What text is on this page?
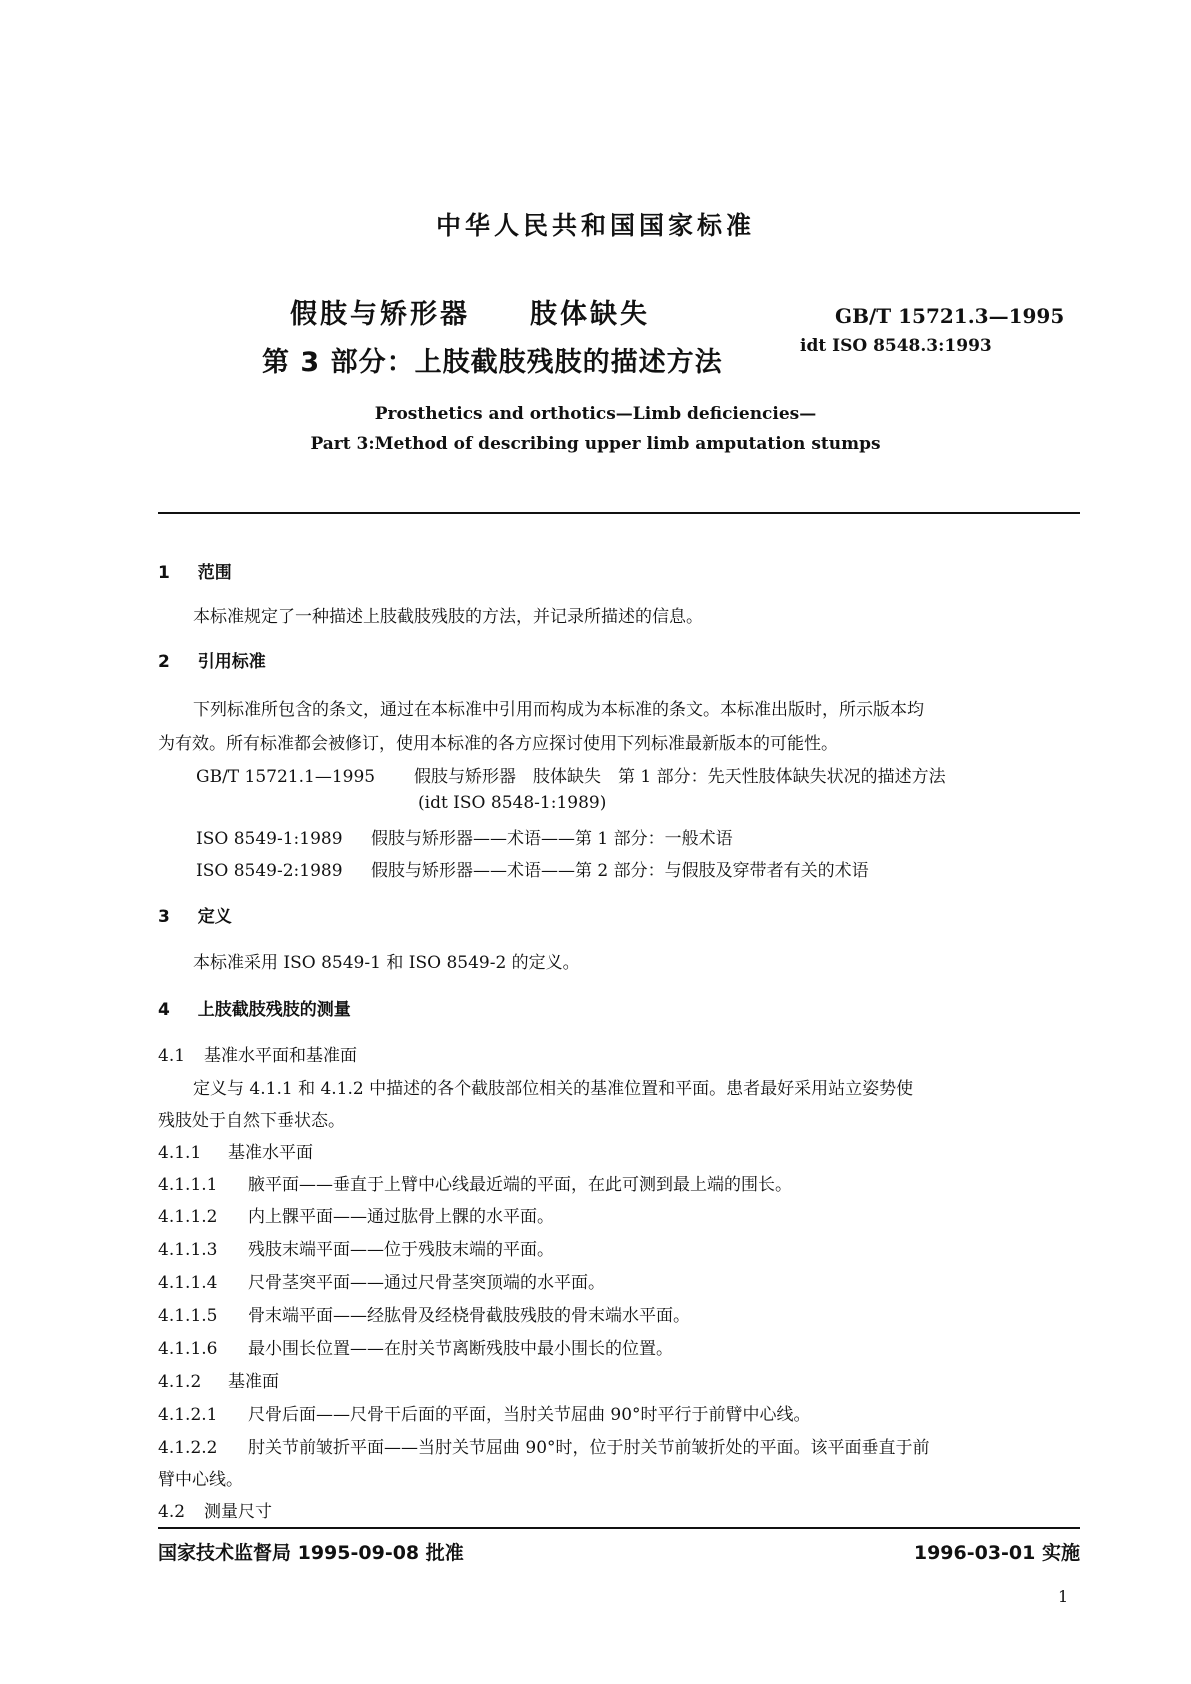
中华人民共和国国家标准
假肢与矫形器　　肢体缺失
第 3 部分：上肢截肢残肢的描述方法
GB/T 15721.3—1995
idt ISO 8548.3:1993
Prosthetics and orthotics—Limb deficiencies—
Part 3:Method of describing upper limb amputation stumps
1 范围
本标准规定了一种描述上肢截肢残肢的方法，并记录所描述的信息。
2 引用标准
下列标准所包含的条文，通过在本标准中引用而构成为本标准的条文。本标准出版时，所示版本均
为有效。所有标准都会被修订，使用本标准的各方应探讨使用下列标准最新版本的可能性。
GB/T 15721.1—1995 假肢与矫形器　肢体缺失　第 1 部分：先天性肢体缺失状况的描述方法
(idt ISO 8548-1:1989)
ISO 8549-1:1989 假肢与矫形器——术语——第 1 部分：一般术语
ISO 8549-2:1989 假肢与矫形器——术语——第 2 部分：与假肢及穿带者有关的术语
3 定义
本标准采用 ISO 8549-1 和 ISO 8549-2 的定义。
4 上肢截肢残肢的测量
4.1 基准水平面和基准面
定义与 4.1.1 和 4.1.2 中描述的各个截肢部位相关的基准位置和平面。患者最好采用站立姿势使
残肢处于自然下垂状态。
4.1.1 基准水平面
4.1.1.1 腋平面——垂直于上臂中心线最近端的平面，在此可测到最上端的围长。
4.1.1.2 内上髁平面——通过肱骨上髁的水平面。
4.1.1.3 残肢末端平面——位于残肢末端的平面。
4.1.1.4 尺骨茎突平面——通过尺骨茎突顶端的水平面。
4.1.1.5 骨末端平面——经肱骨及经桡骨截肢残肢的骨末端水平面。
4.1.1.6 最小围长位置——在肘关节离断残肢中最小围长的位置。
4.1.2 基准面
4.1.2.1 尺骨后面——尺骨干后面的平面，当肘关节屈曲 90°时平行于前臂中心线。
4.1.2.2 肘关节前皱折平面——当肘关节屈曲 90°时，位于肘关节前皱折处的平面。该平面垂直于前
臂中心线。
4.2 测量尺寸
国家技术监督局 1995-09-08 批准	1996-03-01 实施
1
